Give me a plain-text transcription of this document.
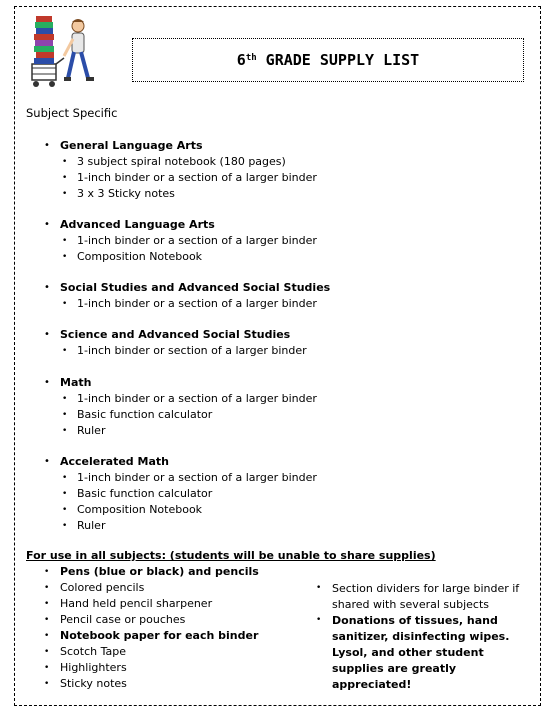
6th GRADE SUPPLY LIST
Subject Specific
• General Language Arts
• 3 subject spiral notebook (180 pages)
• 1-inch binder or a section of a larger binder
• 3 x 3 Sticky notes
• Advanced Language Arts
• 1-inch binder or a section of a larger binder
• Composition Notebook
• Social Studies and Advanced Social Studies
• 1-inch binder or a section of a larger binder
• Science and Advanced Social Studies
• 1-inch binder or section of a larger binder
• Math
• 1-inch binder or a section of a larger binder
• Basic function calculator
• Ruler
• Accelerated Math
• 1-inch binder or a section of a larger binder
• Basic function calculator
• Composition Notebook
• Ruler
For use in all subjects: (students will be unable to share supplies)
• Pens (blue or black) and pencils
• Colored pencils
• Hand held pencil sharpener
• Pencil case or pouches
• Notebook paper for each binder
• Scotch Tape
• Highlighters
• Sticky notes
• Section dividers for large binder if shared with several subjects
• Donations of tissues, hand sanitizer, disinfecting wipes. Lysol, and other student supplies are greatly appreciated!
